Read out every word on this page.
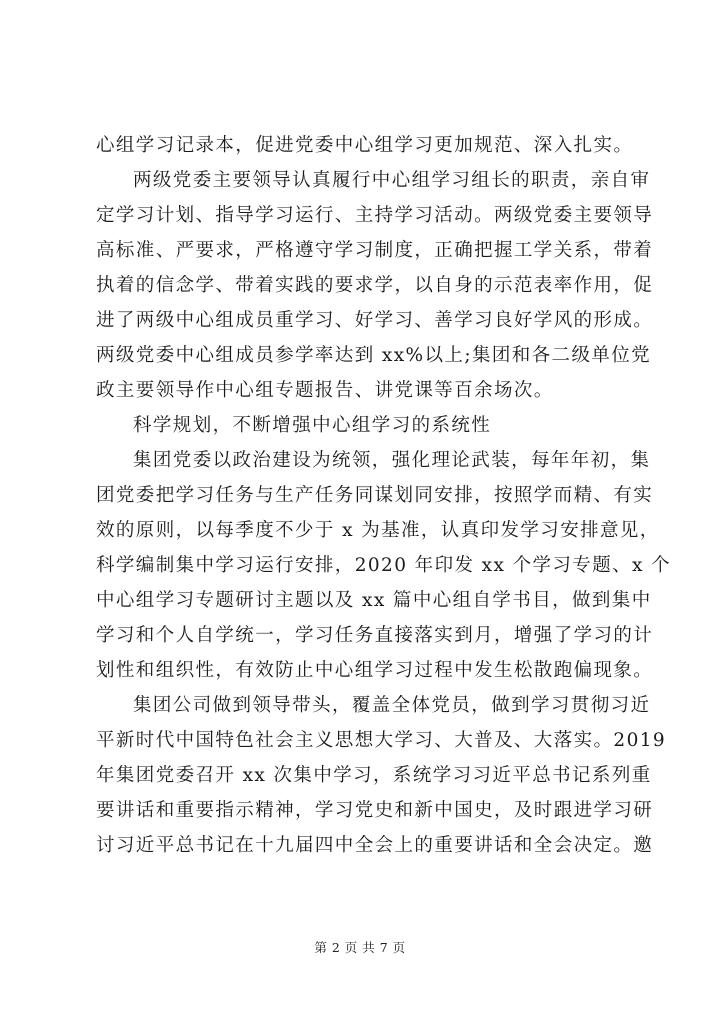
心组学习记录本，促进党委中心组学习更加规范、深入扎实。

两级党委主要领导认真履行中心组学习组长的职责，亲自审

定学习计划、指导学习运行、主持学习活动。两级党委主要领导

高标准、严要求，严格遵守学习制度，正确把握工学关系，带着

执着的信念学、带着实践的要求学，以自身的示范表率作用，促

进了两级中心组成员重学习、好学习、善学习良好学风的形成。

两级党委中心组成员参学率达到 xx%以上;集团和各二级单位党

政主要领导作中心组专题报告、讲党课等百余场次。

科学规划，不断增强中心组学习的系统性

集团党委以政治建设为统领，强化理论武装，每年年初，集

团党委把学习任务与生产任务同谋划同安排，按照学而精、有实

效的原则，以每季度不少于 x 为基准，认真印发学习安排意见，

科学编制集中学习运行安排，2020 年印发 xx 个学习专题、x 个

中心组学习专题研讨主题以及 xx 篇中心组自学书目，做到集中

学习和个人自学统一，学习任务直接落实到月，增强了学习的计

划性和组织性，有效防止中心组学习过程中发生松散跑偏现象。

集团公司做到领导带头，覆盖全体党员，做到学习贯彻习近

平新时代中国特色社会主义思想大学习、大普及、大落实。2019

年集团党委召开 xx 次集中学习，系统学习习近平总书记系列重

要讲话和重要指示精神，学习党史和新中国史，及时跟进学习研

讨习近平总书记在十九届四中全会上的重要讲话和全会决定。邀

第 2 页 共 7 页
